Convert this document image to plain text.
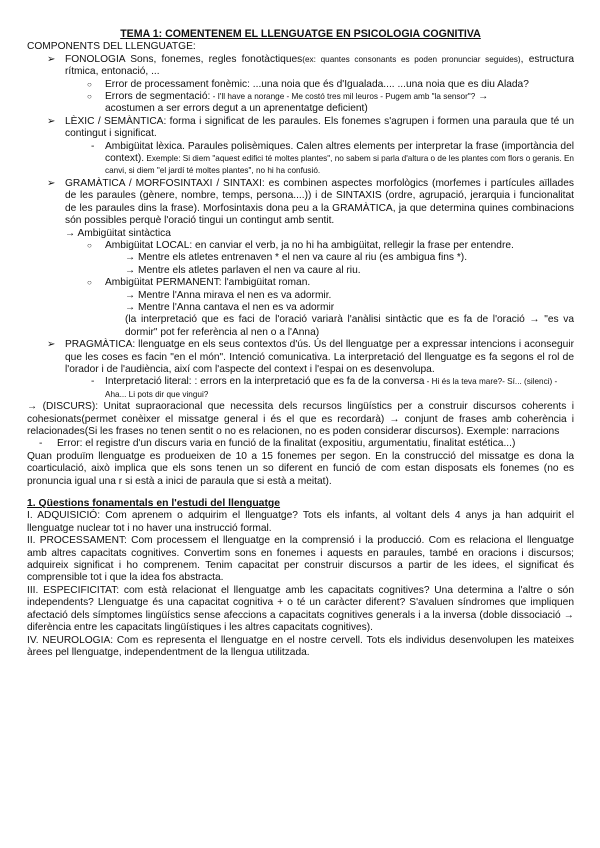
TEMA 1: COMENTENEM EL LLENGUATGE EN PSICOLOGIA COGNITIVA

COMPONENTS DEL LLENGUATGE:

➢ FONOLOGIA Sons, fonemes, regles fonotàctiques(ex: quantes consonants es poden pronunciar seguides), estructura rítmica, entonació, ...
○ Error de processament fonèmic: ...una noia que és d'Igualada.... ...una noia que es diu Alada?
○ Errors de segmentació: - I'll have a norange - Me costó tres mil leuros - Pugem amb "la sensor"? →
acostumen a ser errors degut a un aprenentatge deficient)
➢ LÈXIC / SEMÀNTICA: forma i significat de les paraules. Els fonemes s'agrupen i formen una paraula que té un contingut i significat.
- Ambigüitat lèxica. Paraules polisèmiques. Calen altres elements per interpretar la frase (importància del context). Exemple: Si diem "aquest edifici té moltes plantes", no sabem si parla d'altura o de les plantes com flors o geranis. En canvi, si diem "el jardí té moltes plantes", no hi ha confusió.
➢ GRAMÀTICA / MORFOSINTAXI / SINTAXI: es combinen aspectes morfològics (morfemes i partícules aïllades de les paraules (gènere, nombre, temps, persona....)) i de SINTAXIS (ordre, agrupació, jerarquia i funcionalitat de les paraules dins la frase). Morfosintaxis dona peu a la GRAMÀTICA, ja que determina quines combinacions són possibles perquè l'oració tingui un contingut amb sentit.
→ Ambigüitat sintàctica
○ Ambigüitat LOCAL: en canviar el verb, ja no hi ha ambigüitat, rellegir la frase per entendre.
→ Mentre els atletes entrenaven * el nen va caure al riu (es ambigua fins *).
→ Mentre els atletes parlaven el nen va caure al riu.
○ Ambigüitat PERMANENT: l'ambigüitat roman.
→ Mentre l'Anna mirava el nen es va adormir.
→ Mentre l'Anna cantava el nen es va adormir
(la interpretació que es faci de l'oració variarà l'anàlisi sintàctic que es fa de l'oració → "es va dormir" pot fer referència al nen o a l'Anna)
➢ PRAGMÀTICA: llenguatge en els seus contextos d'ús. Ús del llenguatge per a expressar intencions i aconseguir que les coses es facin "en el món". Intenció comunicativa. La interpretació del llenguatge es fa segons el rol de l'orador i de l'audiència, així com l'aspecte del context i l'espai on es desenvolupa.
- Interpretació literal: : errors en la interpretació que es fa de la conversa - Hi és la teva mare?- Sí... (silenci) - Aha... Li pots dir que vingui?

→ (DISCURS): Unitat supraoracional que necessita dels recursos lingüístics per a construir discursos coherents i cohesionats(permet conèixer el missatge general i és el que es recordarà) → conjunt de frases amb coherència i relacionades(Si les frases no tenen sentit o no es relacionen, no es poden considerar discursos). Exemple: narracions

- Error: el registre d'un discurs varia en funció de la finalitat (expositiu, argumentatiu, finalitat estética...)

Quan produïm llenguatge es produeixen de 10 a 15 fonemes per segon. En la construcció del missatge es dona la coarticulació, això implica que els sons tenen un so diferent en funció de com estan disposats els fonemes (no es pronuncia igual una r si està a inici de paraula que si està a meitat).

1. Qüestions fonamentals en l'estudi del llenguatge

I. ADQUISICIÓ: Com aprenem o adquirim el llenguatge? Tots els infants, al voltant dels 4 anys ja han adquirit el llenguatge nuclear tot i no haver una instrucció formal.

II. PROCESSAMENT: Com processem el llenguatge en la comprensió i la producció. Com es relaciona el llenguatge amb altres capacitats cognitives. Convertim sons en fonemes i aquests en paraules, també en oracions i discursos; adquireix significat i ho comprenem. Tenim capacitat per construir discursos a partir de les idees, el significat és comprensible tot i que la idea fos abstracta.

III. ESPECIFICITAT: com està relacionat el llenguatge amb les capacitats cognitives? Una determina a l'altre o són independents? Llenguatge és una capacitat cognitiva + o té un caràcter diferent? S'avaluen síndromes que impliquen afectació dels símptomes lingüístics sense afeccions a capacitats cognitives generals i a la inversa (doble dissociació → diferència entre les capacitats lingüístiques i les altres capacitats cognitives).

IV. NEUROLOGIA: Com es representa el llenguatge en el nostre cervell. Tots els individus desenvolupen les mateixes àrees pel llenguatge, independentment de la llengua utilitzada.
